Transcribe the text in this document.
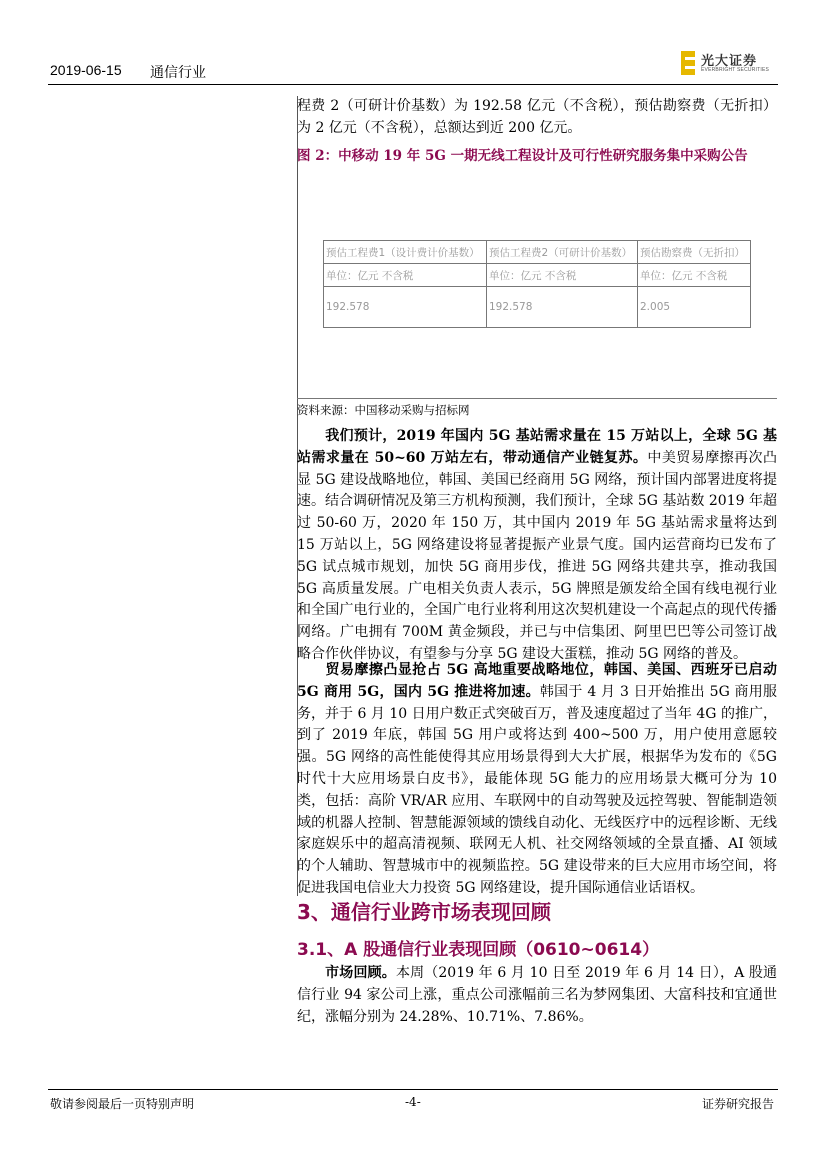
2019-06-15 通信行业
光大证券
EVERBRIGHT SECURITIES
程费 2（可研计价基数）为 192.58 亿元（不含税），预估勘察费（无折扣）为 2 亿元（不含税），总额达到近 200 亿元。
图 2：中移动 19 年 5G 一期无线工程设计及可行性研究服务集中采购公告
预估工程费1（设计费计价基数）	预估工程费2（可研计价基数）	预估勘察费（无折扣）
单位：亿元 不含税	单位：亿元 不含税	单位：亿元 不含税
192.578	192.578	2.005
资料来源：中国移动采购与招标网
我们预计，2019 年国内 5G 基站需求量在 15 万站以上，全球 5G 基站需求量在 50~60 万站左右，带动通信产业链复苏。中美贸易摩擦再次凸显 5G 建设战略地位，韩国、美国已经商用 5G 网络，预计国内部署进度将提速。结合调研情况及第三方机构预测，我们预计，全球 5G 基站数 2019 年超过 50-60 万，2020 年 150 万，其中国内 2019 年 5G 基站需求量将达到 15 万站以上，5G 网络建设将显著提振产业景气度。国内运营商均已发布了 5G 试点城市规划，加快 5G 商用步伐，推进 5G 网络共建共享，推动我国 5G 高质量发展。广电相关负责人表示，5G 牌照是颁发给全国有线电视行业和全国广电行业的，全国广电行业将利用这次契机建设一个高起点的现代传播网络。广电拥有 700M 黄金频段，并已与中信集团、阿里巴巴等公司签订战略合作伙伴协议，有望参与分享 5G 建设大蛋糕，推动 5G 网络的普及。
贸易摩擦凸显抢占 5G 高地重要战略地位，韩国、美国、西班牙已启动 5G 商用 5G，国内 5G 推进将加速。韩国于 4 月 3 日开始推出 5G 商用服务，并于 6 月 10 日用户数正式突破百万，普及速度超过了当年 4G 的推广，到了 2019 年底，韩国 5G 用户或将达到 400~500 万，用户使用意愿较强。5G 网络的高性能使得其应用场景得到大大扩展，根据华为发布的《5G 时代十大应用场景白皮书》，最能体现 5G 能力的应用场景大概可分为 10 类，包括：高阶 VR/AR 应用、车联网中的自动驾驶及远控驾驶、智能制造领域的机器人控制、智慧能源领域的馈线自动化、无线医疗中的远程诊断、无线家庭娱乐中的超高清视频、联网无人机、社交网络领域的全景直播、AI 领域的个人辅助、智慧城市中的视频监控。5G 建设带来的巨大应用市场空间，将促进我国电信业大力投资 5G 网络建设，提升国际通信业话语权。
3、通信行业跨市场表现回顾
3.1、A 股通信行业表现回顾（0610~0614）
市场回顾。本周（2019 年 6 月 10 日至 2019 年 6 月 14 日），A 股通信行业 94 家公司上涨，重点公司涨幅前三名为梦网集团、大富科技和宜通世纪，涨幅分别为 24.28%、10.71%、7.86%。
敬请参阅最后一页特别声明	-4-	证券研究报告
